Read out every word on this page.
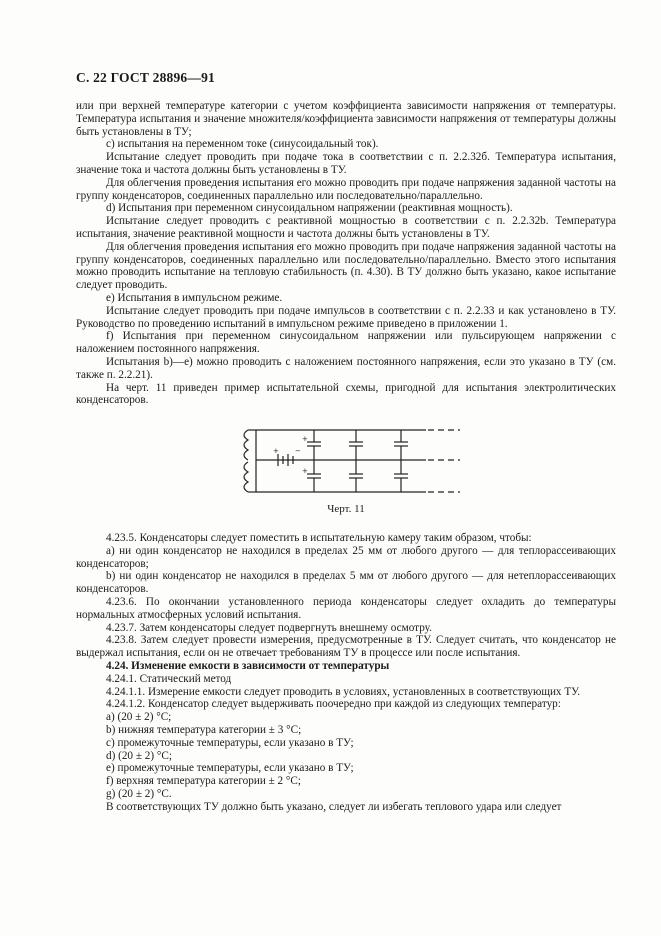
С. 22 ГОСТ 28896—91

или при верхней температуре категории с учетом коэффициента зависимости напряжения от температуры. Температура испытания и значение множителя/коэффициента зависимости напряжения от температуры должны быть установлены в ТУ;

c) испытания на переменном токе (синусоидальный ток).

Испытание следует проводить при подаче тока в соответствии с п. 2.2.32б. Температура испытания, значение тока и частота должны быть установлены в ТУ.

Для облегчения проведения испытания его можно проводить при подаче напряжения заданной частоты на группу конденсаторов, соединенных параллельно или последовательно/параллельно.

d) Испытания при переменном синусоидальном напряжении (реактивная мощность).

Испытание следует проводить с реактивной мощностью в соответствии с п. 2.2.32b. Температура испытания, значение реактивной мощности и частота должны быть установлены в ТУ.

Для облегчения проведения испытания его можно проводить при подаче напряжения заданной частоты на группу конденсаторов, соединенных параллельно или последовательно/параллельно. Вместо этого испытания можно проводить испытание на тепловую стабильность (п. 4.30). В ТУ должно быть указано, какое испытание следует проводить.

e) Испытания в импульсном режиме.

Испытание следует проводить при подаче импульсов в соответствии с п. 2.2.33 и как установлено в ТУ. Руководство по проведению испытаний в импульсном режиме приведено в приложении 1.

f) Испытания при переменном синусоидальном напряжении или пульсирующем напряжении с наложением постоянного напряжения.

Испытания b)—e) можно проводить с наложением постоянного напряжения, если это указано в ТУ (см. также п. 2.2.21).

На черт. 11 приведен пример испытательной схемы, пригодной для испытания электролитических конденсаторов.

+ −
+
+
Черт. 11

4.23.5. Конденсаторы следует поместить в испытательную камеру таким образом, чтобы:

a) ни один конденсатор не находился в пределах 25 мм от любого другого — для теплорассеивающих конденсаторов;

b) ни один конденсатор не находился в пределах 5 мм от любого другого — для нетеплорассеивающих конденсаторов.

4.23.6. По окончании установленного периода конденсаторы следует охладить до температуры нормальных атмосферных условий испытания.

4.23.7. Затем конденсаторы следует подвергнуть внешнему осмотру.

4.23.8. Затем следует провести измерения, предусмотренные в ТУ. Следует считать, что конденсатор не выдержал испытания, если он не отвечает требованиям ТУ в процессе или после испытания.

4.24. Изменение емкости в зависимости от температуры

4.24.1. Статический метод

4.24.1.1. Измерение емкости следует проводить в условиях, установленных в соответствующих ТУ.

4.24.1.2. Конденсатор следует выдерживать поочередно при каждой из следующих температур:

a) (20 ± 2) °C;

b) нижняя температура категории ± 3 °C;

c) промежуточные температуры, если указано в ТУ;

d) (20 ± 2) °C;

e) промежуточные температуры, если указано в ТУ;

f) верхняя температура категории ± 2 °C;

g) (20 ± 2) °C.

В соответствующих ТУ должно быть указано, следует ли избегать теплового удара или следует
